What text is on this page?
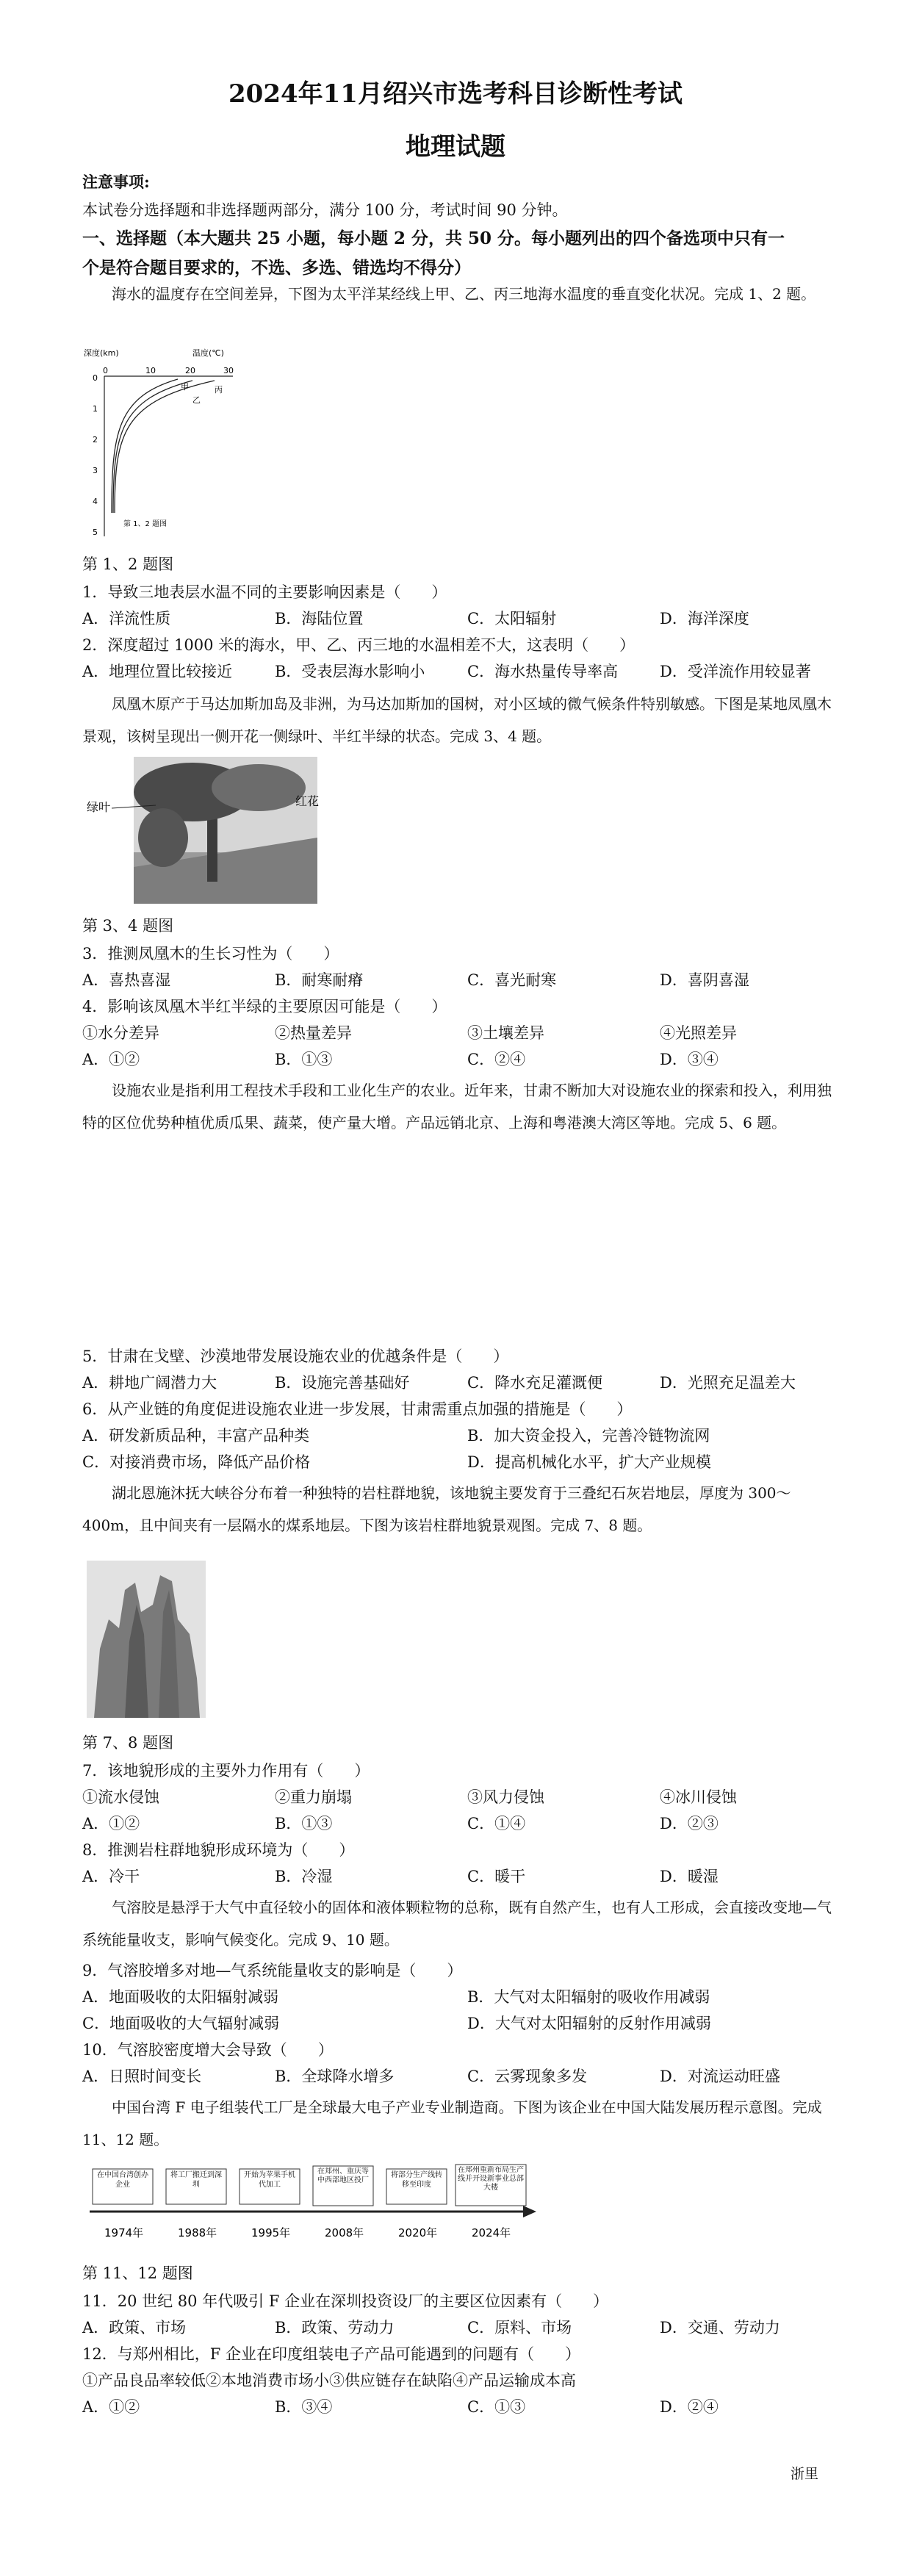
2024年11月绍兴市选考科目诊断性考试
地理试题
注意事项:
本试卷分选择题和非选择题两部分，满分 100 分，考试时间 90 分钟。
一、选择题（本大题共 25 小题，每小题 2 分，共 50 分。每小题列出的四个备选项中只有一
个是符合题目要求的，不选、多选、错选均不得分）
海水的温度存在空间差异，下图为太平洋某经线上甲、乙、丙三地海水温度的垂直变化状况。完成 1、2 题。
深度(km)	温度(℃)
0	10	20	30
0
1
2
3
4
5
甲
乙
丙
第 1、2 题图
第 1、2 题图
1．导致三地表层水温不同的主要影响因素是（　　）
A．洋流性质	B．海陆位置	C．太阳辐射	D．海洋深度
2．深度超过 1000 米的海水，甲、乙、丙三地的水温相差不大，这表明（　　）
A．地理位置比较接近	B．受表层海水影响小	C．海水热量传导率高	D．受洋流作用较显著
凤凰木原产于马达加斯加岛及非洲，为马达加斯加的国树，对小区域的微气候条件特别敏感。下图是某地凤凰木景观，该树呈现出一侧开花一侧绿叶、半红半绿的状态。完成 3、4 题。
绿叶	红花
第 3、4 题图
3．推测凤凰木的生长习性为（　　）
A．喜热喜湿	B．耐寒耐瘠	C．喜光耐寒	D．喜阴喜湿
4．影响该凤凰木半红半绿的主要原因可能是（　　）
①水分差异	②热量差异	③土壤差异	④光照差异
A．①②	B．①③	C．②④	D．③④
设施农业是指利用工程技术手段和工业化生产的农业。近年来，甘肃不断加大对设施农业的探索和投入，利用独特的区位优势种植优质瓜果、蔬菜，使产量大增。产品远销北京、上海和粤港澳大湾区等地。完成 5、6 题。
5．甘肃在戈壁、沙漠地带发展设施农业的优越条件是（　　）
A．耕地广阔潜力大	B．设施完善基础好	C．降水充足灌溉便	D．光照充足温差大
6．从产业链的角度促进设施农业进一步发展，甘肃需重点加强的措施是（　　）
A．研发新质品种，丰富产品种类	B．加大资金投入，完善冷链物流网
C．对接消费市场，降低产品价格	D．提高机械化水平，扩大产业规模
湖北恩施沐抚大峡谷分布着一种独特的岩柱群地貌，该地貌主要发育于三叠纪石灰岩地层，厚度为 300～400m，且中间夹有一层隔水的煤系地层。下图为该岩柱群地貌景观图。完成 7、8 题。
第 7、8 题图
7．该地貌形成的主要外力作用有（　　）
①流水侵蚀	②重力崩塌	③风力侵蚀	④冰川侵蚀
A．①②	B．①③	C．①④	D．②③
8．推测岩柱群地貌形成环境为（　　）
A．冷干	B．冷湿	C．暖干	D．暖湿
气溶胶是悬浮于大气中直径较小的固体和液体颗粒物的总称，既有自然产生，也有人工形成，会直接改变地—气系统能量收支，影响气候变化。完成 9、10 题。
9．气溶胶增多对地—气系统能量收支的影响是（　　）
A．地面吸收的太阳辐射减弱	B．大气对太阳辐射的吸收作用减弱
C．地面吸收的大气辐射减弱	D．大气对太阳辐射的反射作用减弱
10．气溶胶密度增大会导致（　　）
A．日照时间变长	B．全球降水增多	C．云雾现象多发	D．对流运动旺盛
中国台湾 F 电子组装代工厂是全球最大电子产业专业制造商。下图为该企业在中国大陆发展历程示意图。完成 11、12 题。
在中国台湾创办企业
1974年
将工厂搬迁到深圳
1988年
开始为苹果手机代加工
1995年
在郑州、重庆等中西部地区投厂
2008年
将部分生产线转移至印度
2020年
在郑州重新布局生产线并开设新事业总部大楼
2024年
第 11、12 题图
11．20 世纪 80 年代吸引 F 企业在深圳投资设厂的主要区位因素有（　　）
A．政策、市场	B．政策、劳动力	C．原料、市场	D．交通、劳动力
12．与郑州相比，F 企业在印度组装电子产品可能遇到的问题有（　　）
①产品良品率较低②本地消费市场小③供应链存在缺陷④产品运输成本高
A．①②	B．③④	C．①③	D．②④
浙里
